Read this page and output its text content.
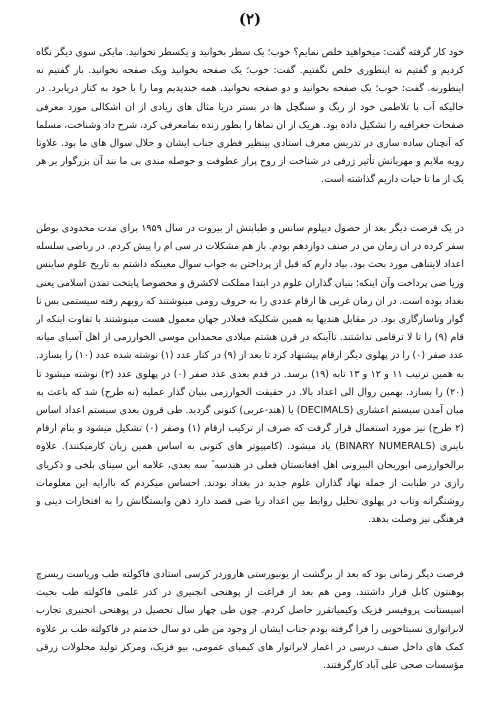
(۲)

خود کار گرفته گفت: میخواهید خلص نمایم؟ خوب؛ یک سطر بخوانید و یکسطر نخوانید. مایکی سوی دیگر نگاه کردیم و گفتیم نه اینطوری خلص نگفتیم. گفت: خوب؛ یک صفحه بخوانید ویک صفحه نخوانید. باز گفتیم نه اینطورنه. گفت: خوب؛ یک صفحه بخوانید و دو صفحه نخوانید. همه خندیدیم وما را با خود به کنار دریابرد. در حالیکه آب با تلاطمی خود از ریگ و سنگچل ها در بستر دریا مثال های زیادی از ان اشکالی مورد معرفی صفحات جغرافیه را تشکیل داده بود. هریک از ان نماها را بطور زنده بمامعرفی کرد، شرح داد وشناخت، مسلما که آنچنان ساده سازی در تدریس معرف استادی بینظیر فطری جناب ایشان و حلال سوال های ما بود. علاوتا رویه ملایم و مهربانش تأثیر ژرفی در شناخت از روح پراز عطوفت و حوصله مندی بی ما نند آن بزرگوار بر هر یک از ما تا حیات داریم گذاشته است.

در یک فرصت دیگر بعد از حصول دیپلوم سانس و طبابتش از بیروت در سال ۱۹۵۹ برای مدت محدودی بوطن سفر کرده در ان زمان من در صنف دوازدهم بودم. باز هم مشکلات در سی ام را پیش کردم. در رباضی سلسله اعداد لایتناهی مورد بحث بود. بیاد دارم که قبل از پرداختن به جواب سوال معینکه داشتم به تاریخ علوم ساینس وریا ضی پرداخت وآن اینکه؛ بنیان گذاران علوم در ابتدا مملکت لاکشرق و مخصوصا پایتخت تمدن اسلامی یعنی بغداد بوده است. در ان زمان غربی ها ارقام عددی را به حروف رومی مینوشتند که روبهم رفته سیستمی بس نا گوار وناسازگاری بود. در مقابل هندیها به همین شکلیکه فعلادر جهان معمول هست مینوشتند با تفاوت اینکه ار قام (۹) را تا لا ترقامی نداشتند. تاآینکه در قرن هشتم میلادی محمدابن موسی الخوارزمی از اهل آسیای میانه عدد صفر (۰) را در پهلوی دیگر ارقام پیشنهاد کرد تا بعد از (۹) در کنار عدد (۱) نوشته شده عدد (۱۰) را بسازد. به همین ترتیب ۱۱ و ۱۲ و ۱۳ تابه (۱۹) برسد. در قدم بعدی عدد صفر (۰) در پهلوی عدد (۲) نوشته میشود تا (۲۰) را بسازد. بهمین روال الی اعداد بالا. در حقیقت الخوارزمی بنیان گذار عملیه (نه طرح) شد که باعث به میان آمدن سیستم اعشاری (DECIMALS) یا (هند-عربی) کنونی گردید. طی قرون بعدی سیستم اعداد اساس (۲ طرح) نیز مورد استعمال قرار گرفت که صرف از ترکیب ارقام (۱) وصفر (۰) تشکیل میشود و بنام ارقام باینری (BINARY NUMERALS) یاد میشود. (کامپیوتر های کنونی به اساس همین زبان کارمیکنند). علاوه برالخوارزمی ابوریحان البیرونی اهل افغانستان فعلی در هندسه ٔ سه بعدی، علامه ابن سینای بلخی و ذکریای رازی در طبابت از جمله نهاد گذاران علوم جدید در بغداد بودند. احساس میکردم که باارایه این معلومات روشنگرانه وتاب در پهلوی تحلیل روابط بین اعداد ریا ضی قصد دارد ذهن وابستگانش را به افتخارات دینی و فرهنگی نیز وصلت بدهد.

فرصت دیگر زمانی بود که بعد از برگشت از یونیورستی هاروردر کرسی استادی فاکولته طب وریاست ریسرچ پوهنتون کابل قرار داشتند. ومن هم بعد از فراغت از پوهنحی انجنیری در کدر علمی فاکولته طب بحیث اسیستانت پروفیسر فزیک وکیمیاتقرر حاصل کردم. چون طی چهار سال تحصیل در پوهنحی انجنیری تجارب لابراتواری نسبتاخوبی را فرا گرفته بودم جناب ایشان از وجود من طی دو سال خدمتم در فاکولته طب بر علاوه کمک های داخل صنف درسی در اعمار لابراتوار های کیمیای عمومی، بیو فزیک، ومرکز تولید محلولات زرقی مؤسسات صحی علی آباد کارگرفتند.
